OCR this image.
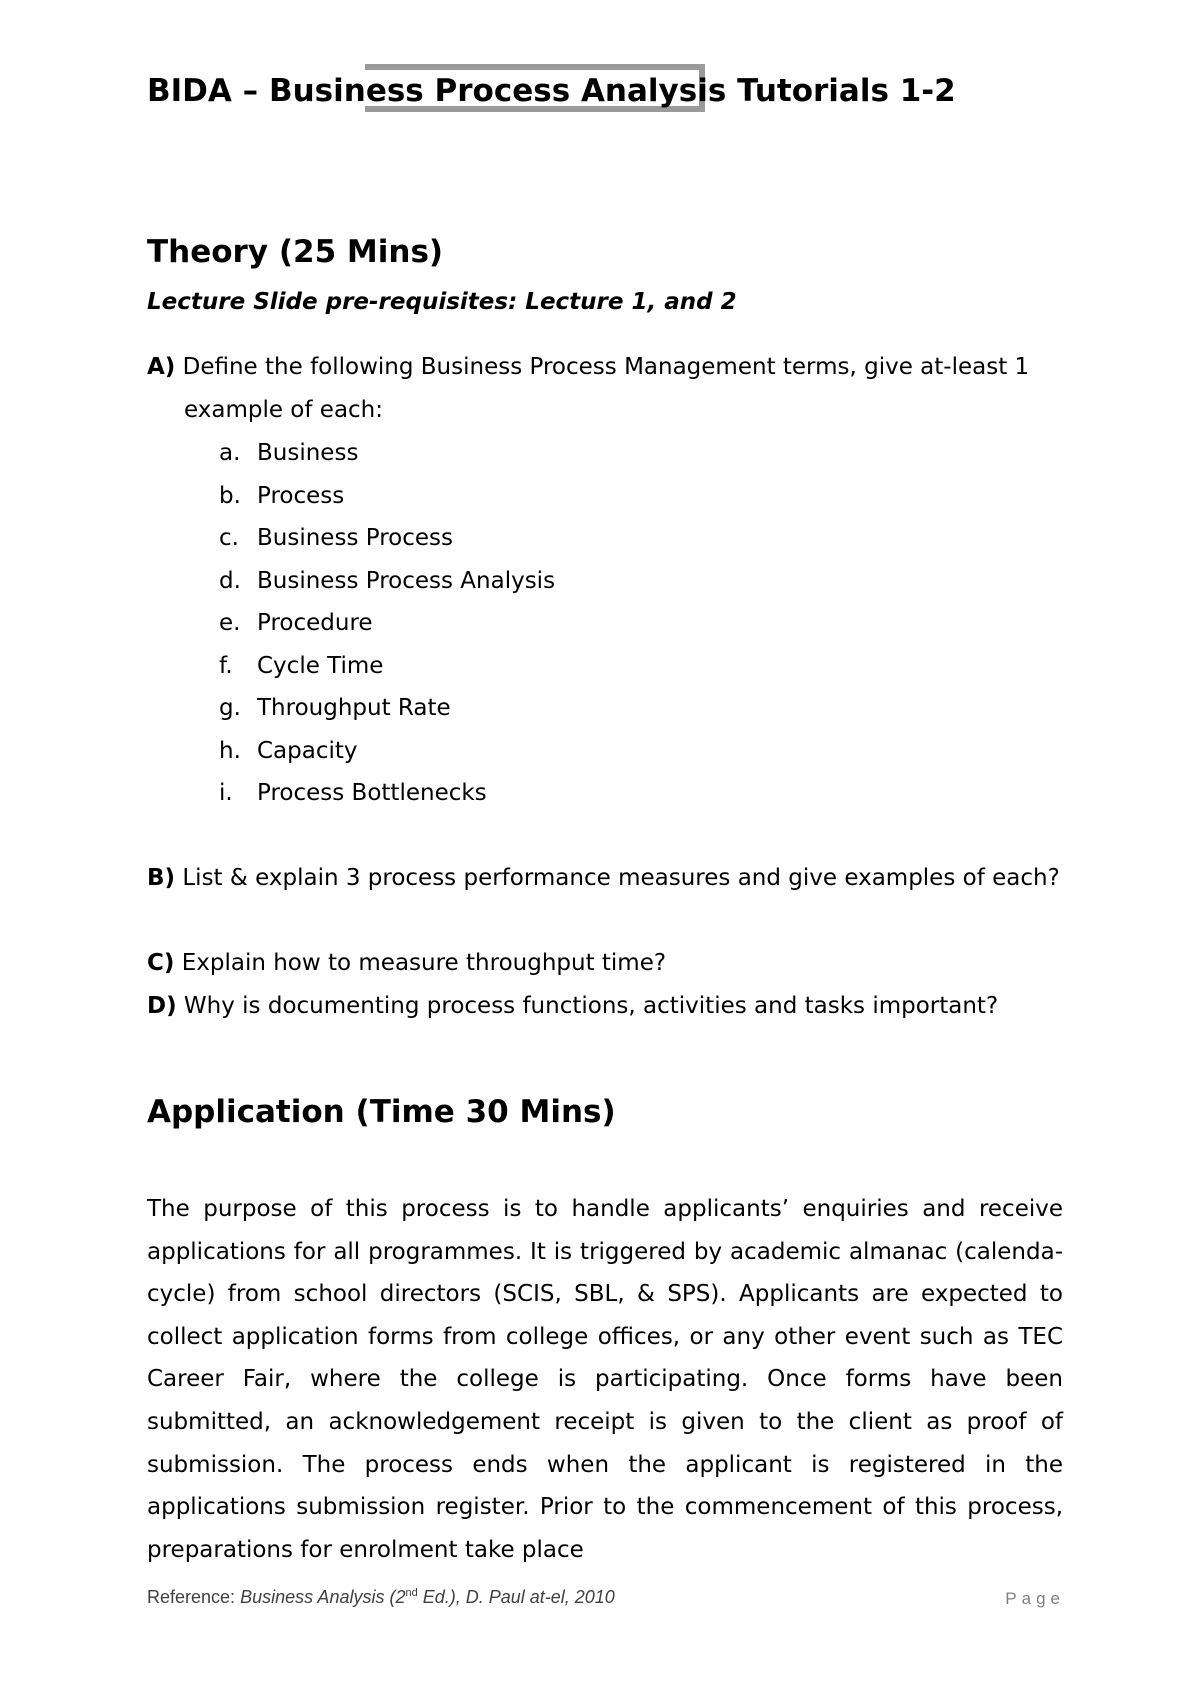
BIDA – Business Process Analysis Tutorials 1-2
Theory (25 Mins)
Lecture Slide pre-requisites: Lecture 1, and 2
A) Define the following Business Process Management terms, give at-least 1 example of each:
a. Business
b. Process
c. Business Process
d. Business Process Analysis
e. Procedure
f.	Cycle Time
g. Throughput Rate
h. Capacity
i.	Process Bottlenecks
B) List & explain 3 process performance measures and give examples of each?
C) Explain how to measure throughput time?
D) Why is documenting process functions, activities and tasks important?
Application (Time 30 Mins)
The purpose of this process is to handle applicants’ enquiries and receive applications for all programmes. It is triggered by academic almanac (calenda-cycle) from school directors (SCIS, SBL, & SPS). Applicants are expected to collect application forms from college offices, or any other event such as TEC Career Fair, where the college is participating. Once forms have been submitted, an acknowledgement receipt is given to the client as proof of submission. The process ends when the applicant is registered in the applications submission register. Prior to the commencement of this process, preparations for enrolment take place
Reference: Business Analysis (2nd Ed.), D. Paul at-el, 2010	Page
